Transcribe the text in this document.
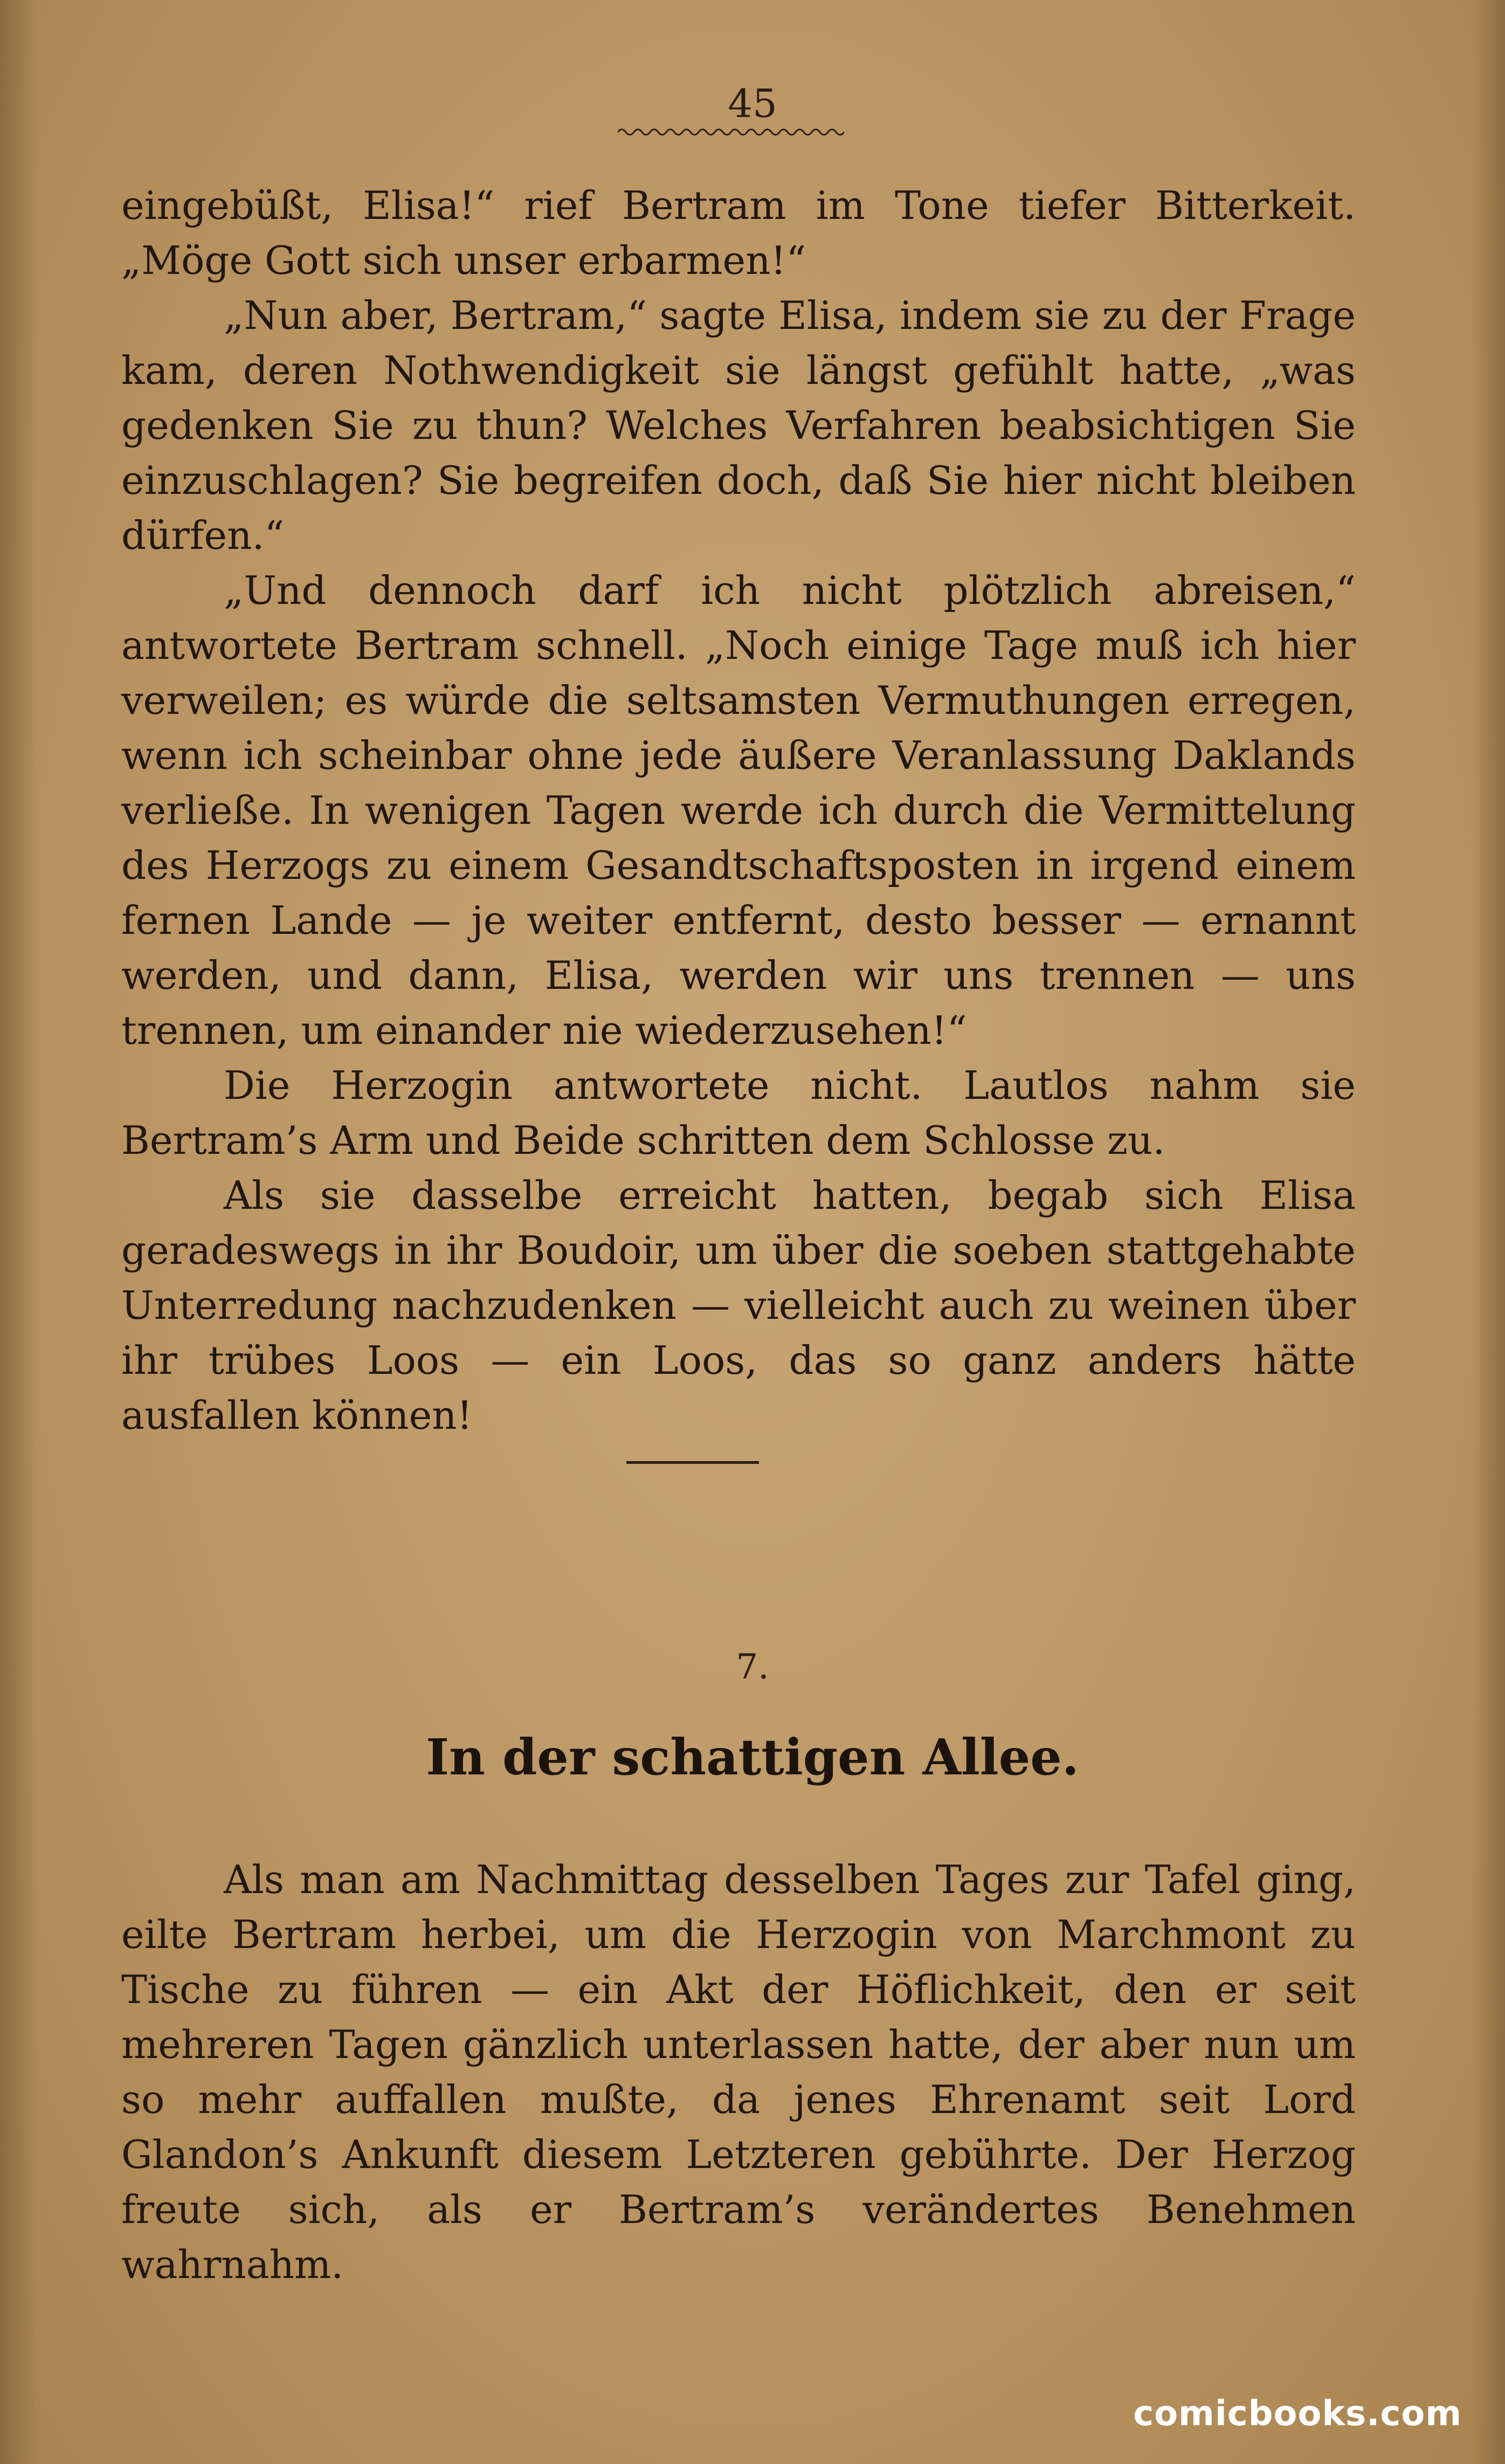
45

eingebüßt, Elisa!“ rief Bertram im Tone tiefer Bitterkeit. „Möge Gott sich unser erbarmen!“

„Nun aber, Bertram,“ sagte Elisa, indem sie zu der Frage kam, deren Nothwendigkeit sie längst gefühlt hatte, „was gedenken Sie zu thun? Welches Verfahren beabsichtigen Sie einzuschlagen? Sie begreifen doch, daß Sie hier nicht bleiben dürfen.“

„Und dennoch darf ich nicht plötzlich abreisen,“ antwortete Bertram schnell. „Noch einige Tage muß ich hier verweilen; es würde die seltsamsten Vermuthungen erregen, wenn ich scheinbar ohne jede äußere Veranlassung Daklands verließe. In wenigen Tagen werde ich durch die Vermittelung des Herzogs zu einem Gesandtschaftsposten in irgend einem fernen Lande — je weiter entfernt, desto besser — ernannt werden, und dann, Elisa, werden wir uns trennen — uns trennen, um einander nie wiederzusehen!“

Die Herzogin antwortete nicht. Lautlos nahm sie Bertram’s Arm und Beide schritten dem Schlosse zu.

Als sie dasselbe erreicht hatten, begab sich Elisa geradeswegs in ihr Boudoir, um über die soeben stattgehabte Unterredung nachzudenken — vielleicht auch zu weinen über ihr trübes Loos — ein Loos, das so ganz anders hätte ausfallen können!

7.
In der schattigen Allee.

Als man am Nachmittag desselben Tages zur Tafel ging, eilte Bertram herbei, um die Herzogin von Marchmont zu Tische zu führen — ein Akt der Höflichkeit, den er seit mehreren Tagen gänzlich unterlassen hatte, der aber nun um so mehr auffallen mußte, da jenes Ehrenamt seit Lord Glandon’s Ankunft diesem Letzteren gebührte. Der Herzog freute sich, als er Bertram’s verändertes Benehmen wahrnahm.

comicbooks.com
